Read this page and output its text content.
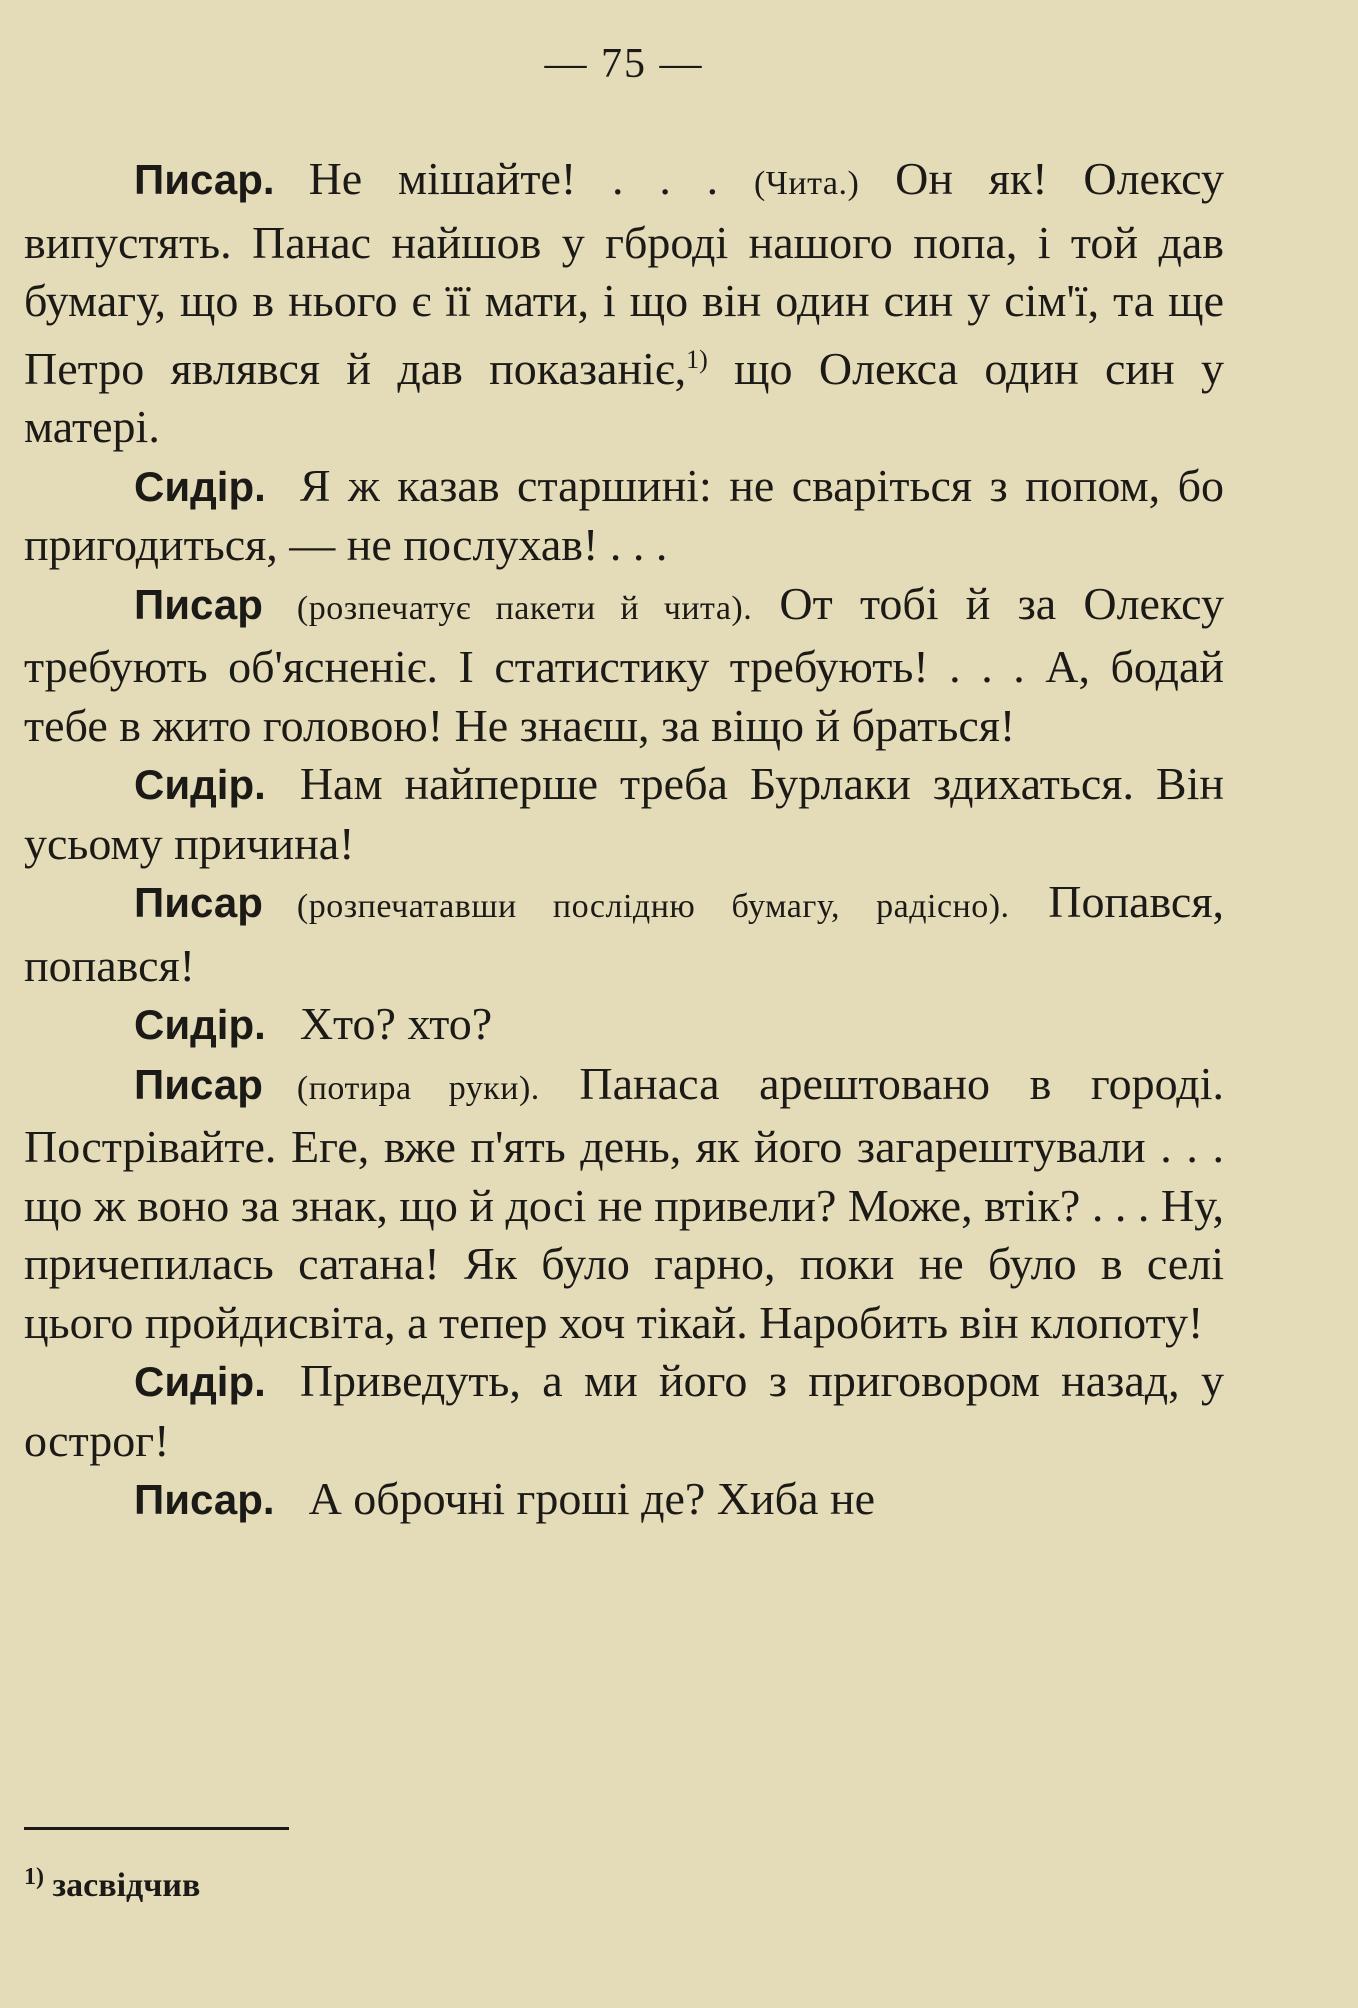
— 75 —

Писар. Не мішайте! . . . (Чита.) Он як! Олексу випустять. Панас найшов у гбродi нашого попа, і той дав бумагу, що в нього є її мати, і що він один син у сім'ї, та ще Петро являвся й дав показаніє,$^{1)}$ що Олекса один син у матері.

Сидір. Я ж казав старшині: не сваріться з попом, бо пригодиться, — не послухав! . . .

Писар (розпечатує пакети й чита). От тобі й за Олексу требують об'ясненіє. І статистику требують! . . . А, бодай тебе в жито головою! Не знаєш, за віщо й братьcя!

Сидір. Нам найперше треба Бурлаки здихаться. Він усьому причина!

Писар (розпечатавши послідню бумагу, радісно). Попався, попався!

Сидір. Хто? хто?

Писар (потира руки). Панаса арештовано в городі. Пострівайте. Еге, вже п'ять день, як його загарештували . . . що ж воно за знак, що й досі не привели? Може, втік? . . . Ну, причепилась сатана! Як було гарно, поки не було в селі цього пройдисвіта, а тепер хоч тікай. Наробить він клопоту!

Сидір. Приведуть, а ми його з приговором назад, у острог!

Писар. А оброчні гроші де? Хиба не

$^{1)}$ засвідчив
